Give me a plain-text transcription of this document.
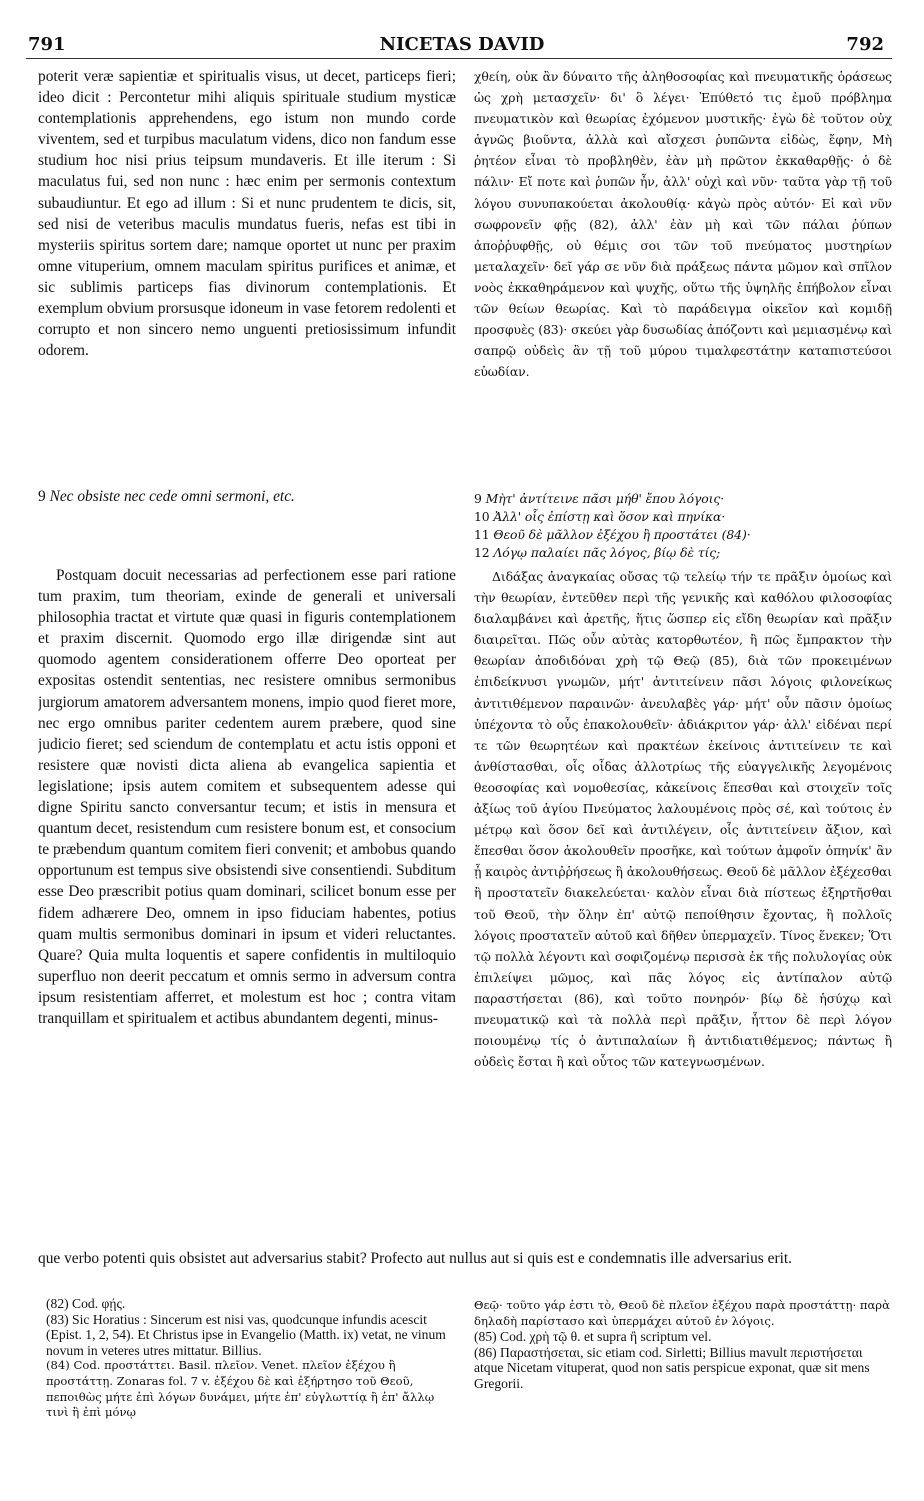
791	NICETAS DAVID	792

poterit veræ sapientiæ et spiritualis visus, ut decet, particeps fieri; ideo dicit : Percontetur mihi aliquis spirituale studium mysticæ contemplationis apprehendens, ego istum non mundo corde viventem, sed et turpibus maculatum videns, dico non fandum esse studium hoc nisi prius teipsum mundaveris. Et ille iterum : Si maculatus fui, sed non nunc : hæc enim per sermonis contextum subaudiuntur. Et ego ad illum : Si et nunc prudentem te dicis, sit, sed nisi de veteribus maculis mundatus fueris, nefas est tibi in mysteriis spiritus sortem dare; namque oportet ut nunc per praxim omne vituperium, omnem maculam spiritus purifices et animæ, et sic sublimis particeps fias divinorum contemplationis. Et exemplum obvium prorsusque idoneum in vase fetorem redolenti et corrupto et non sincero nemo unguenti pretiosissimum infundit odorem.

9 Nec obsiste nec cede omni sermoni, etc.

Postquam docuit necessarias ad perfectionem esse pari ratione tum praxim, tum theoriam, exinde de generali et universali philosophia tractat et virtute quæ quasi in figuris contemplationem et praxim discernit. Quomodo ergo illæ dirigendæ sint aut quomodo agentem considerationem offerre Deo oporteat per expositas ostendit sententias, nec resistere omnibus sermonibus jurgiorum amatorem adversantem monens, impio quod fieret more, nec ergo omnibus pariter cedentem aurem præbere, quod sine judicio fieret; sed sciendum de contemplatu et actu istis opponi et resistere quæ novisti dicta aliena ab evangelica sapientia et legislatione; ipsis autem comitem et subsequentem adesse qui digne Spiritu sancto conversantur tecum; et istis in mensura et quantum decet, resistendum cum resistere bonum est, et consocium te præbendum quantum comitem fieri convenit; et ambobus quando opportunum est tempus sive obsistendi sive consentiendi. Subditum esse Deo præscribit potius quam dominari, scilicet bonum esse per fidem adhærere Deo, omnem in ipso fiduciam habentes, potius quam multis sermonibus dominari in ipsum et videri reluctantes. Quare? Quia multa loquentis et sapere confidentis in multiloquio superfluo non deerit peccatum et omnis sermo in adversum contra ipsum resistentiam afferret, et molestum est hoc ; contra vitam tranquillam et spiritualem et actibus abundantem degenti, minus-

que verbo potenti quis obsistet aut adversarius stabit? Profecto aut nullus aut si quis est e condemnatis ille adversarius erit.

χθείη, οὐκ ἂν δύναιτο τῆς ἀληθοσοφίας καὶ πνευματικῆς ὁράσεως ὡς χρὴ μετασχεῖν· δι' ὃ λέγει· Ἐπύθετό τις ἐμοῦ πρόβλημα πνευματικὸν καὶ θεωρίας ἐχόμενον μυστικῆς· ἐγὼ δὲ τοῦτον οὐχ ἁγνῶς βιοῦντα, ἀλλὰ καὶ αἴσχεσι ῥυπῶντα εἰδὼς, ἔφην, Μὴ ῥητέον εἶναι τὸ προβληθὲν, ἐὰν μὴ πρῶτον ἐκκαθαρθῇς· ὁ δὲ πάλιν· Εἴ ποτε καὶ ῥυπῶν ἦν, ἀλλ' οὐχὶ καὶ νῦν· ταῦτα γὰρ τῇ τοῦ λόγου συνυπακούεται ἀκολουθίᾳ· κἀγὼ πρὸς αὐτόν· Εἰ καὶ νῦν σωφρονεῖν φῇς (82), ἀλλ' ἐὰν μὴ καὶ τῶν πάλαι ῥύπων ἀποῤῥυφθῇς, οὐ θέμις σοι τῶν τοῦ πνεύματος μυστηρίων μεταλαχεῖν· δεῖ γάρ σε νῦν διὰ πράξεως πάντα μῶμον καὶ σπῖλον νοὸς ἐκκαθηράμενον καὶ ψυχῆς, οὕτω τῆς ὑψηλῆς ἐπήβολον εἶναι τῶν θείων θεωρίας. Καὶ τὸ παράδειγμα οἰκεῖον καὶ κομιδῇ προσφυὲς (83)· σκεύει γὰρ δυσωδίας ἀπόζοντι καὶ μεμιασμένῳ καὶ σαπρῷ οὐδεὶς ἂν τῇ τοῦ μύρου τιμαλφεστάτην καταπιστεύσοι εὐωδίαν.

9 Μὴτ' ἀντίτεινε πᾶσι μήθ' ἔπου λόγοις·
10 Ἀλλ' οἷς ἐπίστῃ καὶ ὅσον καὶ πηνίκα·
11 Θεοῦ δὲ μᾶλλον ἐξέχου ἢ προστάτει (84)·
12 Λόγῳ παλαίει πᾶς λόγος, βίῳ δὲ τίς;

Διδάξας ἀναγκαίας οὔσας τῷ τελείῳ τήν τε πρᾶξιν ὁμοίως καὶ τὴν θεωρίαν, ἐντεῦθεν περὶ τῆς γενικῆς καὶ καθόλου φιλοσοφίας διαλαμβάνει καὶ ἀρετῆς, ἥτις ὥσπερ εἰς εἴδη θεωρίαν καὶ πρᾶξιν διαιρεῖται. Πῶς οὖν αὐτὰς κατορθωτέον, ἢ πῶς ἔμπρακτον τὴν θεωρίαν ἀποδιδόναι χρὴ τῷ Θεῷ (85), διὰ τῶν προκειμένων ἐπιδείκνυσι γνωμῶν, μήτ' ἀντιτείνειν πᾶσι λόγοις φιλονείκως ἀντιτιθέμενον παραινῶν· ἀνευλαβὲς γάρ· μήτ' οὖν πᾶσιν ὁμοίως ὑπέχοντα τὸ οὖς ἐπακολουθεῖν· ἀδιάκριτον γάρ· ἀλλ' εἰδέναι περί τε τῶν θεωρητέων καὶ πρακτέων ἐκείνοις ἀντιτείνειν τε καὶ ἀνθίστασθαι, οἷς οἶδας ἀλλοτρίως τῆς εὐαγγελικῆς λεγομένοις θεοσοφίας καὶ νομοθεσίας, κἀκείνοις ἕπεσθαι καὶ στοιχεῖν τοῖς ἀξίως τοῦ ἁγίου Πνεύματος λαλουμένοις πρὸς σέ, καὶ τούτοις ἐν μέτρῳ καὶ ὅσον δεῖ καὶ ἀντιλέγειν, οἷς ἀντιτείνειν ἄξιον, καὶ ἕπεσθαι ὅσον ἀκολουθεῖν προσῆκε, καὶ τούτων ἀμφοῖν ὁπηνίκ' ἂν ᾖ καιρὸς ἀντιῤῥήσεως ἢ ἀκολουθήσεως. Θεοῦ δὲ μᾶλλον ἐξέχεσθαι ἢ προστατεῖν διακελεύεται· καλὸν εἶναι διὰ πίστεως ἐξηρτῆσθαι τοῦ Θεοῦ, τὴν ὅλην ἐπ' αὐτῷ πεποίθησιν ἔχοντας, ἢ πολλοῖς λόγοις προστατεῖν αὐτοῦ καὶ δῆθεν ὑπερμαχεῖν. Τίνος ἕνεκεν; Ὅτι τῷ πολλὰ λέγοντι καὶ σοφιζομένῳ περισσὰ ἐκ τῆς πολυλογίας οὐκ ἐπιλείψει μῶμος, καὶ πᾶς λόγος εἰς ἀντίπαλον αὐτῷ παραστήσεται (86), καὶ τοῦτο πονηρόν· βίῳ δὲ ἡσύχῳ καὶ πνευματικῷ καὶ τὰ πολλὰ περὶ πρᾶξιν, ἧττον δὲ περὶ λόγον ποιουμένῳ τίς ὁ ἀντιπαλαίων ἢ ἀντιδιατιθέμενος; πάντως ἢ οὐδεὶς ἔσται ἢ καὶ οὗτος τῶν κατεγνωσμένων.

(82) Cod. φῄς.
(83) Sic Horatius : Sincerum est nisi vas, quodcunque infundis acescit (Epist. 1, 2, 54). Et Christus ipse in Evangelio (Matth. ix) vetat, ne vinum novum in veteres utres mittatur. Billius.
(84) Cod. προστάττει. Basil. πλεῖον. Venet. πλεῖον ἐξέχου ἢ προστάττῃ. Zonaras fol. 7 v. ἐξέχου δὲ καὶ ἐξήρτησο τοῦ Θεοῦ, πεποιθὼς μήτε ἐπὶ λόγων δυνάμει, μήτε ἐπ' εὐγλωττίᾳ ἢ ἐπ' ἄλλῳ τινὶ ἢ ἐπὶ μόνῳ
Θεῷ· τοῦτο γάρ ἐστι τὸ, Θεοῦ δὲ πλεῖον ἐξέχου παρὰ προστάττῃ· παρὰ δηλαδὴ παρίστασο καὶ ὑπερμάχει αὐτοῦ ἐν λόγοις.
(85) Cod. χρὴ τῷ θ. et supra ἢ scriptum vel.
(86) Παραστήσεται, sic etiam cod. Sirletti; Billius mavult περιστήσεται atque Nicetam vituperat, quod non satis perspicue exponat, quæ sit mens Gregorii.
